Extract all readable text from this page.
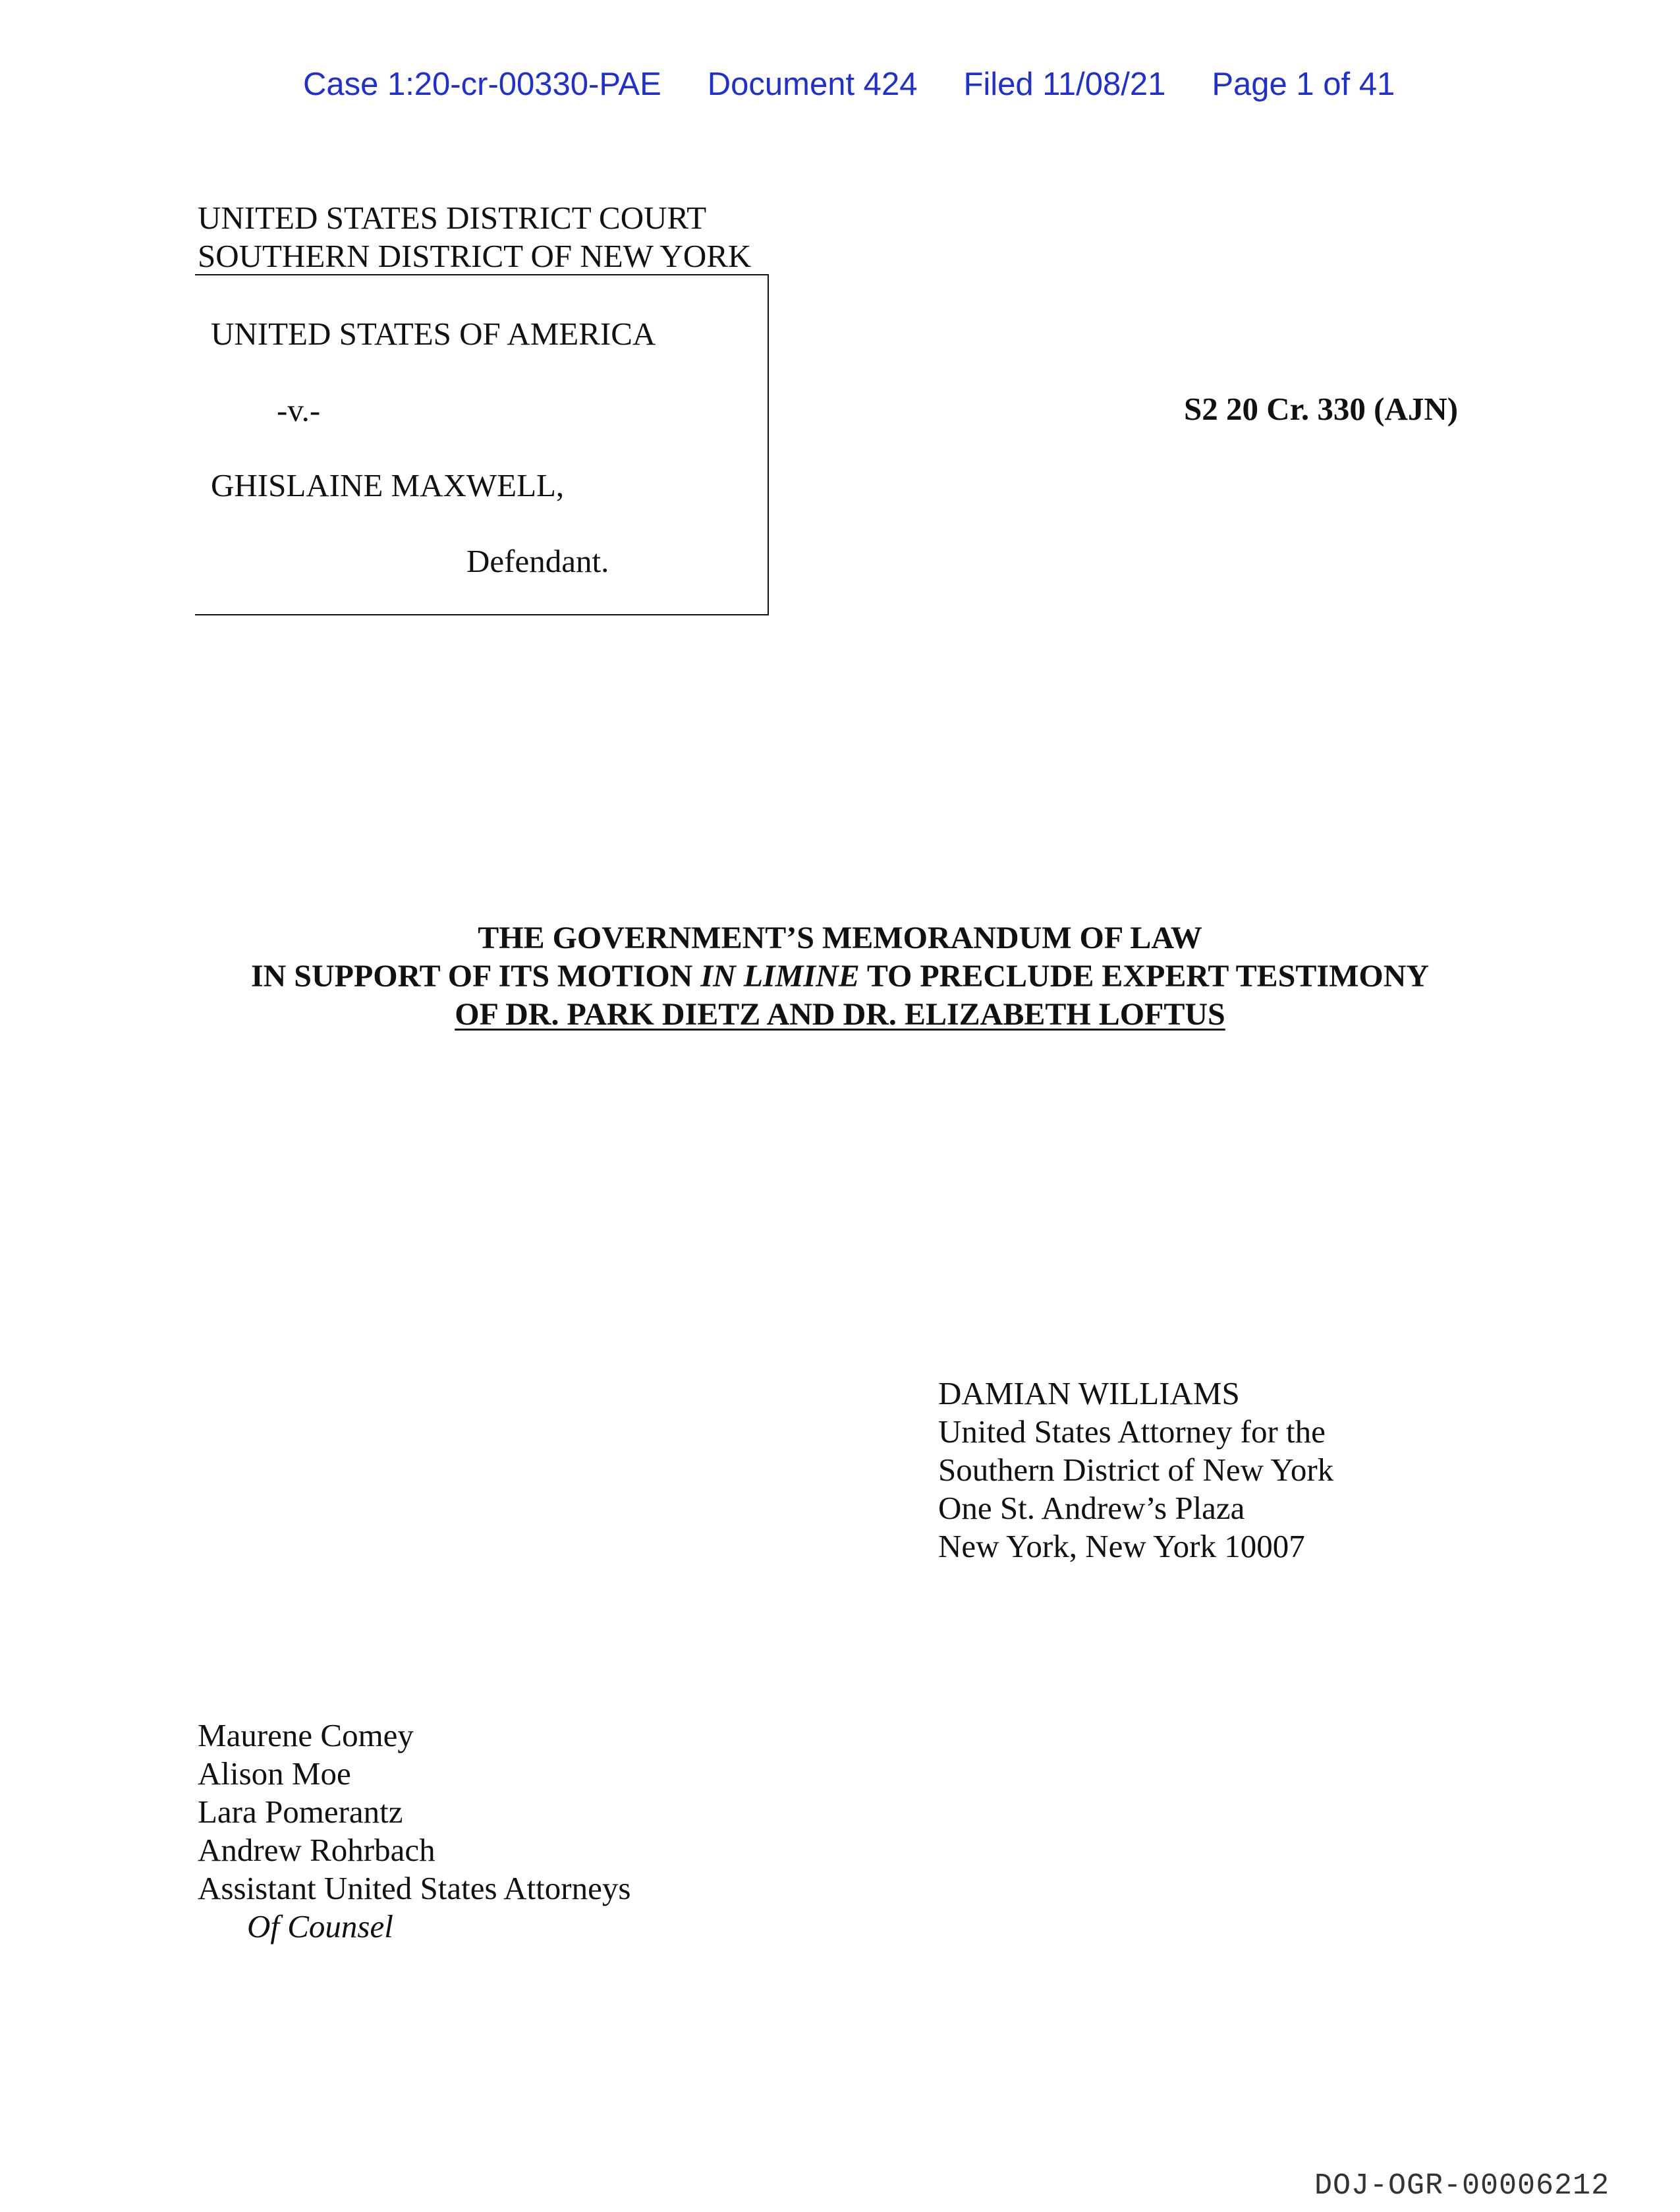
Case 1:20-cr-00330-PAE Document 424 Filed 11/08/21 Page 1 of 41

UNITED STATES DISTRICT COURT
SOUTHERN DISTRICT OF NEW YORK
UNITED STATES OF AMERICA
-v.-
GHISLAINE MAXWELL,
Defendant.
S2 20 Cr. 330 (AJN)
THE GOVERNMENT’S MEMORANDUM OF LAW
IN SUPPORT OF ITS MOTION IN LIMINE TO PRECLUDE EXPERT TESTIMONY
OF DR. PARK DIETZ AND DR. ELIZABETH LOFTUS
DAMIAN WILLIAMS
United States Attorney for the
Southern District of New York
One St. Andrew’s Plaza
New York, New York 10007
Maurene Comey
Alison Moe
Lara Pomerantz
Andrew Rohrbach
Assistant United States Attorneys
Of Counsel
DOJ-OGR-00006212
